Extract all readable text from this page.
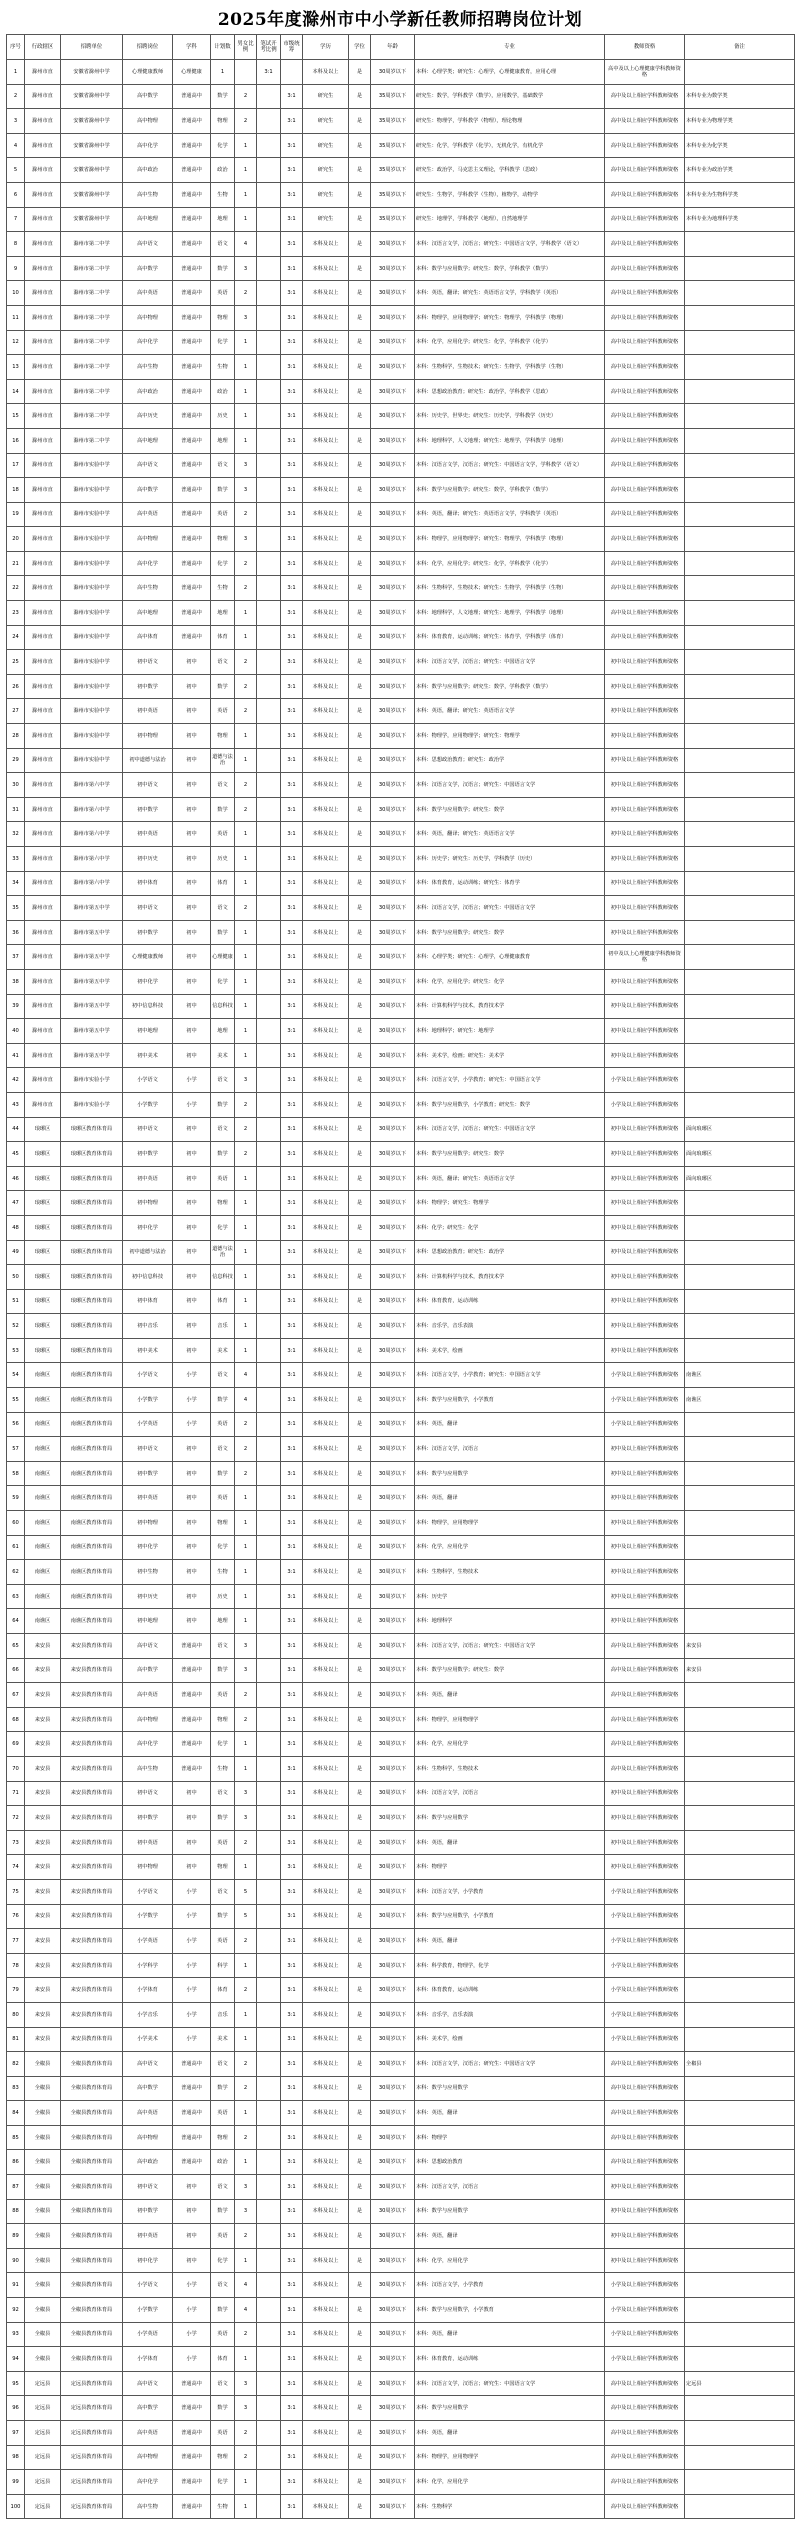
2025年度滁州市中小学新任教师招聘岗位计划
序号	行政辖区	招聘单位	招聘岗位	学科	计划数	男女比例	笔试开考比例	市级统筹	学历	学位	年龄	专业	教师资格	备注
1	滁州市直	安徽省滁州中学	心理健康教师	心理健康	1		3:1		本科及以上	是	30周岁以下	本科：心理学类；研究生：心理学，心理健康教育，应用心理	高中及以上心理健康学科教师资格	
2	滁州市直	安徽省滁州中学	高中数学	普通高中	数学	2		3:1	研究生	是	35周岁以下	研究生：数学，学科教学（数学），应用数学，基础数学	高中及以上相应学科教师资格	本科专业为数学类
3	滁州市直	安徽省滁州中学	高中物理	普通高中	物理	2		3:1	研究生	是	35周岁以下	研究生：物理学，学科教学（物理），理论物理	高中及以上相应学科教师资格	本科专业为物理学类
4	滁州市直	安徽省滁州中学	高中化学	普通高中	化学	1		3:1	研究生	是	35周岁以下	研究生：化学，学科教学（化学），无机化学，有机化学	高中及以上相应学科教师资格	本科专业为化学类
5	滁州市直	安徽省滁州中学	高中政治	普通高中	政治	1		3:1	研究生	是	35周岁以下	研究生：政治学，马克思主义理论，学科教学（思政）	高中及以上相应学科教师资格	本科专业为政治学类
6	滁州市直	安徽省滁州中学	高中生物	普通高中	生物	1		3:1	研究生	是	35周岁以下	研究生：生物学，学科教学（生物），植物学，动物学	高中及以上相应学科教师资格	本科专业为生物科学类
7	滁州市直	安徽省滁州中学	高中地理	普通高中	地理	1		3:1	研究生	是	35周岁以下	研究生：地理学，学科教学（地理），自然地理学	高中及以上相应学科教师资格	本科专业为地理科学类
8	滁州市直	滁州市第二中学	高中语文	普通高中	语文	4		3:1	本科及以上	是	30周岁以下	本科：汉语言文学，汉语言；研究生：中国语言文学，学科教学（语文）	高中及以上相应学科教师资格	
9	滁州市直	滁州市第二中学	高中数学	普通高中	数学	3		3:1	本科及以上	是	30周岁以下	本科：数学与应用数学；研究生：数学，学科教学（数学）	高中及以上相应学科教师资格	
10	滁州市直	滁州市第二中学	高中英语	普通高中	英语	2		3:1	本科及以上	是	30周岁以下	本科：英语，翻译；研究生：英语语言文学，学科教学（英语）	高中及以上相应学科教师资格	
11	滁州市直	滁州市第二中学	高中物理	普通高中	物理	3		3:1	本科及以上	是	30周岁以下	本科：物理学，应用物理学；研究生：物理学，学科教学（物理）	高中及以上相应学科教师资格	
12	滁州市直	滁州市第二中学	高中化学	普通高中	化学	1		3:1	本科及以上	是	30周岁以下	本科：化学，应用化学；研究生：化学，学科教学（化学）	高中及以上相应学科教师资格	
13	滁州市直	滁州市第二中学	高中生物	普通高中	生物	1		3:1	本科及以上	是	30周岁以下	本科：生物科学，生物技术；研究生：生物学，学科教学（生物）	高中及以上相应学科教师资格	
14	滁州市直	滁州市第二中学	高中政治	普通高中	政治	1		3:1	本科及以上	是	30周岁以下	本科：思想政治教育；研究生：政治学，学科教学（思政）	高中及以上相应学科教师资格	
15	滁州市直	滁州市第二中学	高中历史	普通高中	历史	1		3:1	本科及以上	是	30周岁以下	本科：历史学，世界史；研究生：历史学，学科教学（历史）	高中及以上相应学科教师资格	
16	滁州市直	滁州市第二中学	高中地理	普通高中	地理	1		3:1	本科及以上	是	30周岁以下	本科：地理科学，人文地理；研究生：地理学，学科教学（地理）	高中及以上相应学科教师资格	
17	滁州市直	滁州市实验中学	高中语文	普通高中	语文	3		3:1	本科及以上	是	30周岁以下	本科：汉语言文学，汉语言；研究生：中国语言文学，学科教学（语文）	高中及以上相应学科教师资格	
18	滁州市直	滁州市实验中学	高中数学	普通高中	数学	3		3:1	本科及以上	是	30周岁以下	本科：数学与应用数学；研究生：数学，学科教学（数学）	高中及以上相应学科教师资格	
19	滁州市直	滁州市实验中学	高中英语	普通高中	英语	2		3:1	本科及以上	是	30周岁以下	本科：英语，翻译；研究生：英语语言文学，学科教学（英语）	高中及以上相应学科教师资格	
20	滁州市直	滁州市实验中学	高中物理	普通高中	物理	3		3:1	本科及以上	是	30周岁以下	本科：物理学，应用物理学；研究生：物理学，学科教学（物理）	高中及以上相应学科教师资格	
21	滁州市直	滁州市实验中学	高中化学	普通高中	化学	2		3:1	本科及以上	是	30周岁以下	本科：化学，应用化学；研究生：化学，学科教学（化学）	高中及以上相应学科教师资格	
22	滁州市直	滁州市实验中学	高中生物	普通高中	生物	2		3:1	本科及以上	是	30周岁以下	本科：生物科学，生物技术；研究生：生物学，学科教学（生物）	高中及以上相应学科教师资格	
23	滁州市直	滁州市实验中学	高中地理	普通高中	地理	1		3:1	本科及以上	是	30周岁以下	本科：地理科学，人文地理；研究生：地理学，学科教学（地理）	高中及以上相应学科教师资格	
24	滁州市直	滁州市实验中学	高中体育	普通高中	体育	1		3:1	本科及以上	是	30周岁以下	本科：体育教育，运动训练；研究生：体育学，学科教学（体育）	高中及以上相应学科教师资格	
25	滁州市直	滁州市实验中学	初中语文	初中	语文	2		3:1	本科及以上	是	30周岁以下	本科：汉语言文学，汉语言；研究生：中国语言文学	初中及以上相应学科教师资格	
26	滁州市直	滁州市实验中学	初中数学	初中	数学	2		3:1	本科及以上	是	30周岁以下	本科：数学与应用数学；研究生：数学，学科教学（数学）	初中及以上相应学科教师资格	
27	滁州市直	滁州市实验中学	初中英语	初中	英语	2		3:1	本科及以上	是	30周岁以下	本科：英语，翻译；研究生：英语语言文学	初中及以上相应学科教师资格	
28	滁州市直	滁州市实验中学	初中物理	初中	物理	1		3:1	本科及以上	是	30周岁以下	本科：物理学，应用物理学；研究生：物理学	初中及以上相应学科教师资格	
29	滁州市直	滁州市实验中学	初中道德与法治	初中	道德与法治	1		3:1	本科及以上	是	30周岁以下	本科：思想政治教育；研究生：政治学	初中及以上相应学科教师资格	
30	滁州市直	滁州市第六中学	初中语文	初中	语文	2		3:1	本科及以上	是	30周岁以下	本科：汉语言文学，汉语言；研究生：中国语言文学	初中及以上相应学科教师资格	
31	滁州市直	滁州市第六中学	初中数学	初中	数学	2		3:1	本科及以上	是	30周岁以下	本科：数学与应用数学；研究生：数学	初中及以上相应学科教师资格	
32	滁州市直	滁州市第六中学	初中英语	初中	英语	1		3:1	本科及以上	是	30周岁以下	本科：英语，翻译；研究生：英语语言文学	初中及以上相应学科教师资格	
33	滁州市直	滁州市第六中学	初中历史	初中	历史	1		3:1	本科及以上	是	30周岁以下	本科：历史学；研究生：历史学，学科教学（历史）	初中及以上相应学科教师资格	
34	滁州市直	滁州市第六中学	初中体育	初中	体育	1		3:1	本科及以上	是	30周岁以下	本科：体育教育，运动训练；研究生：体育学	初中及以上相应学科教师资格	
35	滁州市直	滁州市第五中学	初中语文	初中	语文	2		3:1	本科及以上	是	30周岁以下	本科：汉语言文学，汉语言；研究生：中国语言文学	初中及以上相应学科教师资格	
36	滁州市直	滁州市第五中学	初中数学	初中	数学	1		3:1	本科及以上	是	30周岁以下	本科：数学与应用数学；研究生：数学	初中及以上相应学科教师资格	
37	滁州市直	滁州市第五中学	心理健康教师	初中	心理健康	1		3:1	本科及以上	是	30周岁以下	本科：心理学类；研究生：心理学，心理健康教育	初中及以上心理健康学科教师资格	
38	滁州市直	滁州市第五中学	初中化学	初中	化学	1		3:1	本科及以上	是	30周岁以下	本科：化学，应用化学；研究生：化学	初中及以上相应学科教师资格	
39	滁州市直	滁州市第五中学	初中信息科技	初中	信息科技	1		3:1	本科及以上	是	30周岁以下	本科：计算机科学与技术，教育技术学	初中及以上相应学科教师资格	
40	滁州市直	滁州市第五中学	初中地理	初中	地理	1		3:1	本科及以上	是	30周岁以下	本科：地理科学；研究生：地理学	初中及以上相应学科教师资格	
41	滁州市直	滁州市第五中学	初中美术	初中	美术	1		3:1	本科及以上	是	30周岁以下	本科：美术学，绘画；研究生：美术学	初中及以上相应学科教师资格	
42	滁州市直	滁州市实验小学	小学语文	小学	语文	3		3:1	本科及以上	是	30周岁以下	本科：汉语言文学，小学教育；研究生：中国语言文学	小学及以上相应学科教师资格	
43	滁州市直	滁州市实验小学	小学数学	小学	数学	2		3:1	本科及以上	是	30周岁以下	本科：数学与应用数学，小学教育；研究生：数学	小学及以上相应学科教师资格	
44	琅琊区	琅琊区教育体育局	初中语文	初中	语文	2		3:1	本科及以上	是	30周岁以下	本科：汉语言文学，汉语言；研究生：中国语言文学	初中及以上相应学科教师资格	面向琅琊区
45	琅琊区	琅琊区教育体育局	初中数学	初中	数学	2		3:1	本科及以上	是	30周岁以下	本科：数学与应用数学；研究生：数学	初中及以上相应学科教师资格	面向琅琊区
46	琅琊区	琅琊区教育体育局	初中英语	初中	英语	1		3:1	本科及以上	是	30周岁以下	本科：英语，翻译；研究生：英语语言文学	初中及以上相应学科教师资格	面向琅琊区
47	琅琊区	琅琊区教育体育局	初中物理	初中	物理	1		3:1	本科及以上	是	30周岁以下	本科：物理学；研究生：物理学	初中及以上相应学科教师资格	
48	琅琊区	琅琊区教育体育局	初中化学	初中	化学	1		3:1	本科及以上	是	30周岁以下	本科：化学；研究生：化学	初中及以上相应学科教师资格	
49	琅琊区	琅琊区教育体育局	初中道德与法治	初中	道德与法治	1		3:1	本科及以上	是	30周岁以下	本科：思想政治教育；研究生：政治学	初中及以上相应学科教师资格	
50	琅琊区	琅琊区教育体育局	初中信息科技	初中	信息科技	1		3:1	本科及以上	是	30周岁以下	本科：计算机科学与技术，教育技术学	初中及以上相应学科教师资格	
51	琅琊区	琅琊区教育体育局	初中体育	初中	体育	1		3:1	本科及以上	是	30周岁以下	本科：体育教育，运动训练	初中及以上相应学科教师资格	
52	琅琊区	琅琊区教育体育局	初中音乐	初中	音乐	1		3:1	本科及以上	是	30周岁以下	本科：音乐学，音乐表演	初中及以上相应学科教师资格	
53	琅琊区	琅琊区教育体育局	初中美术	初中	美术	1		3:1	本科及以上	是	30周岁以下	本科：美术学，绘画	初中及以上相应学科教师资格	
54	南谯区	南谯区教育体育局	小学语文	小学	语文	4		3:1	本科及以上	是	30周岁以下	本科：汉语言文学，小学教育；研究生：中国语言文学	小学及以上相应学科教师资格	南谯区
55	南谯区	南谯区教育体育局	小学数学	小学	数学	4		3:1	本科及以上	是	30周岁以下	本科：数学与应用数学，小学教育	小学及以上相应学科教师资格	南谯区
56	南谯区	南谯区教育体育局	小学英语	小学	英语	2		3:1	本科及以上	是	30周岁以下	本科：英语，翻译	小学及以上相应学科教师资格	
57	南谯区	南谯区教育体育局	初中语文	初中	语文	2		3:1	本科及以上	是	30周岁以下	本科：汉语言文学，汉语言	初中及以上相应学科教师资格	
58	南谯区	南谯区教育体育局	初中数学	初中	数学	2		3:1	本科及以上	是	30周岁以下	本科：数学与应用数学	初中及以上相应学科教师资格	
59	南谯区	南谯区教育体育局	初中英语	初中	英语	1		3:1	本科及以上	是	30周岁以下	本科：英语，翻译	初中及以上相应学科教师资格	
60	南谯区	南谯区教育体育局	初中物理	初中	物理	1		3:1	本科及以上	是	30周岁以下	本科：物理学，应用物理学	初中及以上相应学科教师资格	
61	南谯区	南谯区教育体育局	初中化学	初中	化学	1		3:1	本科及以上	是	30周岁以下	本科：化学，应用化学	初中及以上相应学科教师资格	
62	南谯区	南谯区教育体育局	初中生物	初中	生物	1		3:1	本科及以上	是	30周岁以下	本科：生物科学，生物技术	初中及以上相应学科教师资格	
63	南谯区	南谯区教育体育局	初中历史	初中	历史	1		3:1	本科及以上	是	30周岁以下	本科：历史学	初中及以上相应学科教师资格	
64	南谯区	南谯区教育体育局	初中地理	初中	地理	1		3:1	本科及以上	是	30周岁以下	本科：地理科学	初中及以上相应学科教师资格	
65	来安县	来安县教育体育局	高中语文	普通高中	语文	3		3:1	本科及以上	是	30周岁以下	本科：汉语言文学，汉语言；研究生：中国语言文学	高中及以上相应学科教师资格	来安县
66	来安县	来安县教育体育局	高中数学	普通高中	数学	3		3:1	本科及以上	是	30周岁以下	本科：数学与应用数学；研究生：数学	高中及以上相应学科教师资格	来安县
67	来安县	来安县教育体育局	高中英语	普通高中	英语	2		3:1	本科及以上	是	30周岁以下	本科：英语，翻译	高中及以上相应学科教师资格	
68	来安县	来安县教育体育局	高中物理	普通高中	物理	2		3:1	本科及以上	是	30周岁以下	本科：物理学，应用物理学	高中及以上相应学科教师资格	
69	来安县	来安县教育体育局	高中化学	普通高中	化学	1		3:1	本科及以上	是	30周岁以下	本科：化学，应用化学	高中及以上相应学科教师资格	
70	来安县	来安县教育体育局	高中生物	普通高中	生物	1		3:1	本科及以上	是	30周岁以下	本科：生物科学，生物技术	高中及以上相应学科教师资格	
71	来安县	来安县教育体育局	初中语文	初中	语文	3		3:1	本科及以上	是	30周岁以下	本科：汉语言文学，汉语言	初中及以上相应学科教师资格	
72	来安县	来安县教育体育局	初中数学	初中	数学	3		3:1	本科及以上	是	30周岁以下	本科：数学与应用数学	初中及以上相应学科教师资格	
73	来安县	来安县教育体育局	初中英语	初中	英语	2		3:1	本科及以上	是	30周岁以下	本科：英语，翻译	初中及以上相应学科教师资格	
74	来安县	来安县教育体育局	初中物理	初中	物理	1		3:1	本科及以上	是	30周岁以下	本科：物理学	初中及以上相应学科教师资格	
75	来安县	来安县教育体育局	小学语文	小学	语文	5		3:1	本科及以上	是	30周岁以下	本科：汉语言文学，小学教育	小学及以上相应学科教师资格	
76	来安县	来安县教育体育局	小学数学	小学	数学	5		3:1	本科及以上	是	30周岁以下	本科：数学与应用数学，小学教育	小学及以上相应学科教师资格	
77	来安县	来安县教育体育局	小学英语	小学	英语	2		3:1	本科及以上	是	30周岁以下	本科：英语，翻译	小学及以上相应学科教师资格	
78	来安县	来安县教育体育局	小学科学	小学	科学	1		3:1	本科及以上	是	30周岁以下	本科：科学教育，物理学，化学	小学及以上相应学科教师资格	
79	来安县	来安县教育体育局	小学体育	小学	体育	2		3:1	本科及以上	是	30周岁以下	本科：体育教育，运动训练	小学及以上相应学科教师资格	
80	来安县	来安县教育体育局	小学音乐	小学	音乐	1		3:1	本科及以上	是	30周岁以下	本科：音乐学，音乐表演	小学及以上相应学科教师资格	
81	来安县	来安县教育体育局	小学美术	小学	美术	1		3:1	本科及以上	是	30周岁以下	本科：美术学，绘画	小学及以上相应学科教师资格	
82	全椒县	全椒县教育体育局	高中语文	普通高中	语文	2		3:1	本科及以上	是	30周岁以下	本科：汉语言文学，汉语言；研究生：中国语言文学	高中及以上相应学科教师资格	全椒县
83	全椒县	全椒县教育体育局	高中数学	普通高中	数学	2		3:1	本科及以上	是	30周岁以下	本科：数学与应用数学	高中及以上相应学科教师资格	
84	全椒县	全椒县教育体育局	高中英语	普通高中	英语	1		3:1	本科及以上	是	30周岁以下	本科：英语，翻译	高中及以上相应学科教师资格	
85	全椒县	全椒县教育体育局	高中物理	普通高中	物理	2		3:1	本科及以上	是	30周岁以下	本科：物理学	高中及以上相应学科教师资格	
86	全椒县	全椒县教育体育局	高中政治	普通高中	政治	1		3:1	本科及以上	是	30周岁以下	本科：思想政治教育	高中及以上相应学科教师资格	
87	全椒县	全椒县教育体育局	初中语文	初中	语文	3		3:1	本科及以上	是	30周岁以下	本科：汉语言文学，汉语言	初中及以上相应学科教师资格	
88	全椒县	全椒县教育体育局	初中数学	初中	数学	3		3:1	本科及以上	是	30周岁以下	本科：数学与应用数学	初中及以上相应学科教师资格	
89	全椒县	全椒县教育体育局	初中英语	初中	英语	2		3:1	本科及以上	是	30周岁以下	本科：英语，翻译	初中及以上相应学科教师资格	
90	全椒县	全椒县教育体育局	初中化学	初中	化学	1		3:1	本科及以上	是	30周岁以下	本科：化学，应用化学	初中及以上相应学科教师资格	
91	全椒县	全椒县教育体育局	小学语文	小学	语文	4		3:1	本科及以上	是	30周岁以下	本科：汉语言文学，小学教育	小学及以上相应学科教师资格	
92	全椒县	全椒县教育体育局	小学数学	小学	数学	4		3:1	本科及以上	是	30周岁以下	本科：数学与应用数学，小学教育	小学及以上相应学科教师资格	
93	全椒县	全椒县教育体育局	小学英语	小学	英语	2		3:1	本科及以上	是	30周岁以下	本科：英语，翻译	小学及以上相应学科教师资格	
94	全椒县	全椒县教育体育局	小学体育	小学	体育	1		3:1	本科及以上	是	30周岁以下	本科：体育教育，运动训练	小学及以上相应学科教师资格	
95	定远县	定远县教育体育局	高中语文	普通高中	语文	3		3:1	本科及以上	是	30周岁以下	本科：汉语言文学，汉语言；研究生：中国语言文学	高中及以上相应学科教师资格	定远县
96	定远县	定远县教育体育局	高中数学	普通高中	数学	3		3:1	本科及以上	是	30周岁以下	本科：数学与应用数学	高中及以上相应学科教师资格	
97	定远县	定远县教育体育局	高中英语	普通高中	英语	2		3:1	本科及以上	是	30周岁以下	本科：英语，翻译	高中及以上相应学科教师资格	
98	定远县	定远县教育体育局	高中物理	普通高中	物理	2		3:1	本科及以上	是	30周岁以下	本科：物理学，应用物理学	高中及以上相应学科教师资格	
99	定远县	定远县教育体育局	高中化学	普通高中	化学	1		3:1	本科及以上	是	30周岁以下	本科：化学，应用化学	高中及以上相应学科教师资格	
100	定远县	定远县教育体育局	高中生物	普通高中	生物	1		3:1	本科及以上	是	30周岁以下	本科：生物科学	高中及以上相应学科教师资格	
